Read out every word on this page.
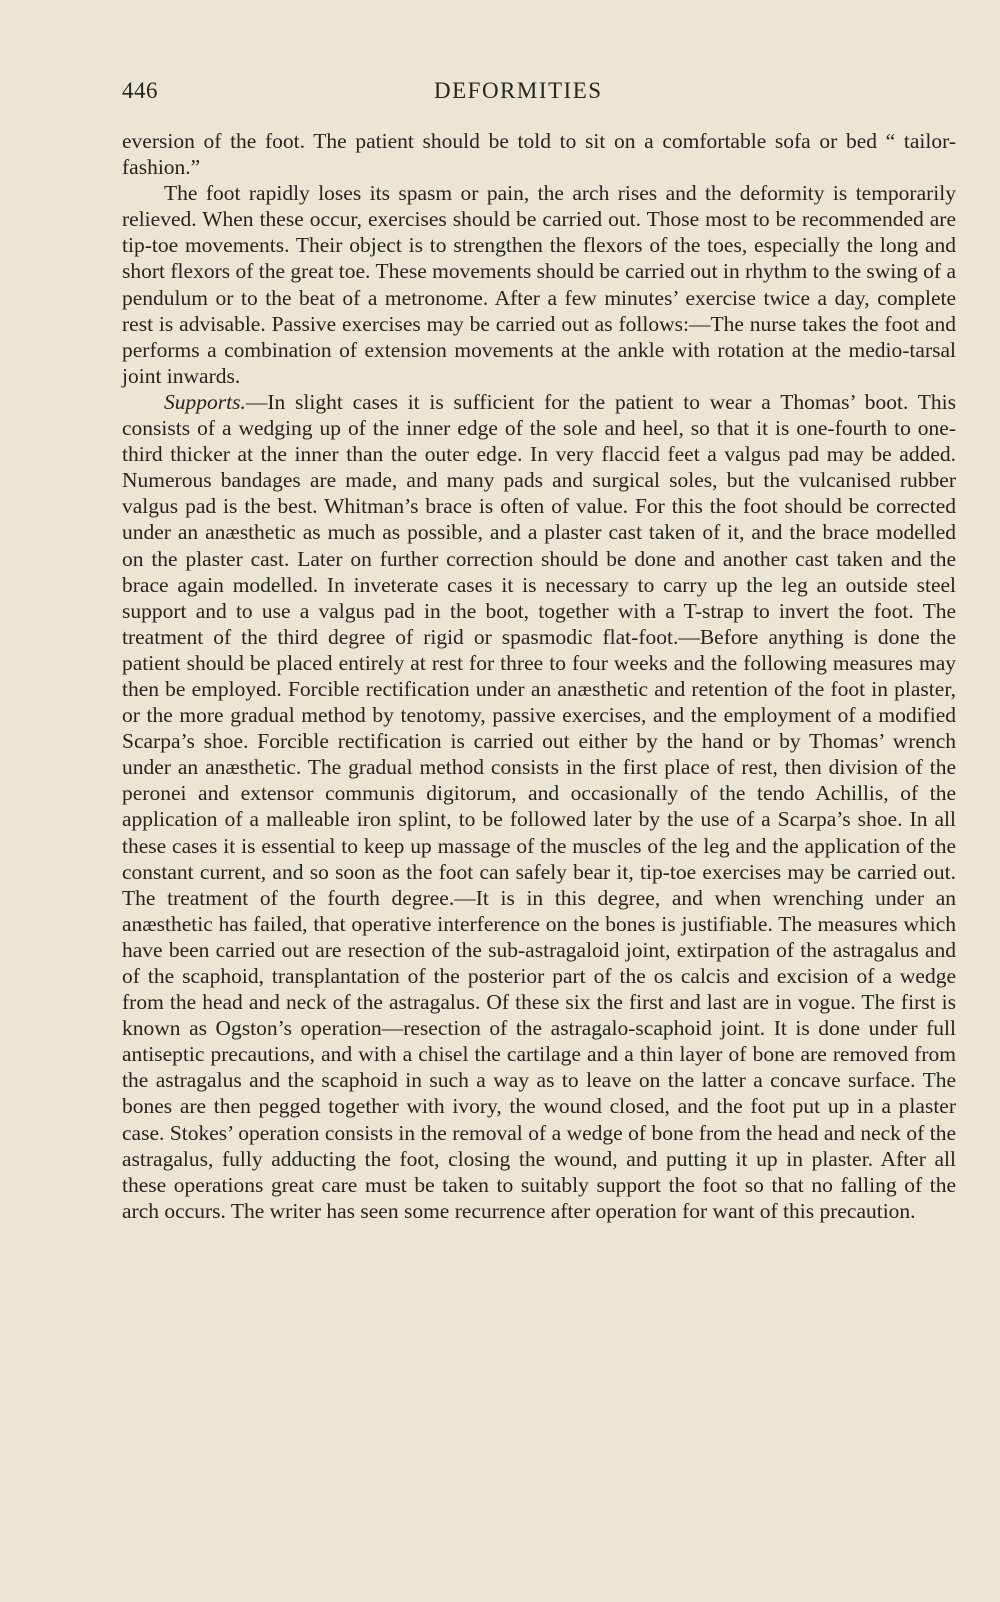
446	DEFORMITIES

eversion of the foot. The patient should be told to sit on a comfortable sofa or bed “ tailor-fashion.”

The foot rapidly loses its spasm or pain, the arch rises and the deformity is temporarily relieved. When these occur, exercises should be carried out. Those most to be recommended are tip-toe movements. Their object is to strengthen the flexors of the toes, especially the long and short flexors of the great toe. These movements should be carried out in rhythm to the swing of a pendulum or to the beat of a metronome. After a few minutes’ exercise twice a day, complete rest is advisable. Passive exercises may be carried out as follows:—The nurse takes the foot and performs a combination of extension movements at the ankle with rotation at the medio-tarsal joint inwards.

Supports.—In slight cases it is sufficient for the patient to wear a Thomas’ boot. This consists of a wedging up of the inner edge of the sole and heel, so that it is one-fourth to one-third thicker at the inner than the outer edge. In very flaccid feet a valgus pad may be added. Numerous bandages are made, and many pads and surgical soles, but the vulcanised rubber valgus pad is the best. Whitman’s brace is often of value. For this the foot should be corrected under an anæsthetic as much as possible, and a plaster cast taken of it, and the brace modelled on the plaster cast. Later on further correction should be done and another cast taken and the brace again modelled. In inveterate cases it is necessary to carry up the leg an outside steel support and to use a valgus pad in the boot, together with a T-strap to invert the foot. The treatment of the third degree of rigid or spasmodic flat-foot.—Before anything is done the patient should be placed entirely at rest for three to four weeks and the following measures may then be employed. Forcible rectification under an anæsthetic and retention of the foot in plaster, or the more gradual method by tenotomy, passive exercises, and the employment of a modified Scarpa’s shoe. Forcible rectification is carried out either by the hand or by Thomas’ wrench under an anæsthetic. The gradual method consists in the first place of rest, then division of the peronei and extensor communis digitorum, and occasionally of the tendo Achillis, of the application of a malleable iron splint, to be followed later by the use of a Scarpa’s shoe. In all these cases it is essential to keep up massage of the muscles of the leg and the application of the constant current, and so soon as the foot can safely bear it, tip-toe exercises may be carried out. The treatment of the fourth degree.—It is in this degree, and when wrenching under an anæsthetic has failed, that operative interference on the bones is justifiable. The measures which have been carried out are resection of the sub-astragaloid joint, extirpation of the astragalus and of the scaphoid, transplantation of the posterior part of the os calcis and excision of a wedge from the head and neck of the astragalus. Of these six the first and last are in vogue. The first is known as Ogston’s operation—resection of the astragalo-scaphoid joint. It is done under full antiseptic precautions, and with a chisel the cartilage and a thin layer of bone are removed from the astragalus and the scaphoid in such a way as to leave on the latter a concave surface. The bones are then pegged together with ivory, the wound closed, and the foot put up in a plaster case. Stokes’ operation consists in the removal of a wedge of bone from the head and neck of the astragalus, fully adducting the foot, closing the wound, and putting it up in plaster. After all these operations great care must be taken to suitably support the foot so that no falling of the arch occurs. The writer has seen some recurrence after operation for want of this precaution.
